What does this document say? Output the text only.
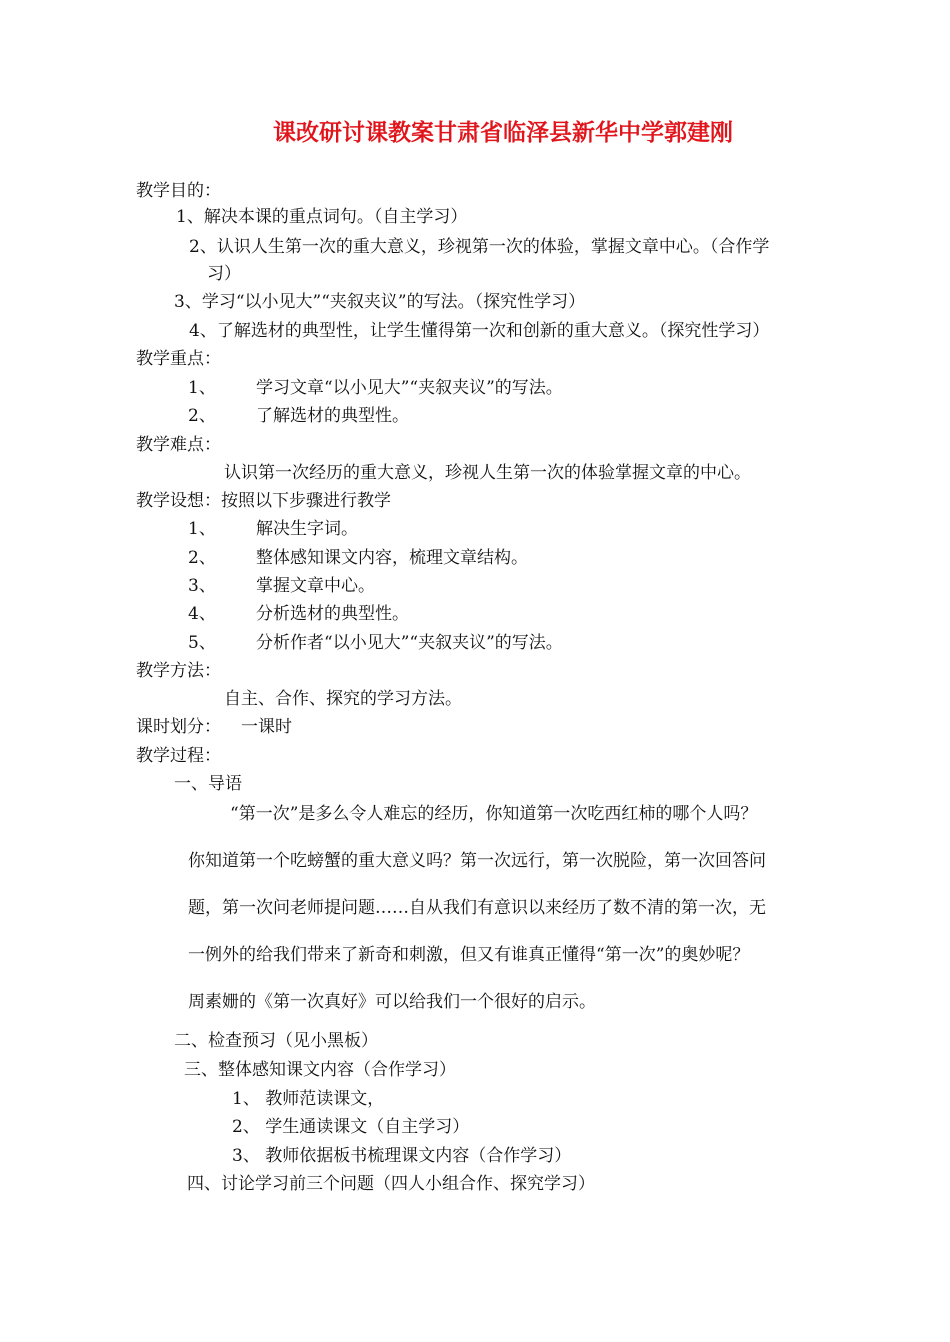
课改研讨课教案甘肃省临泽县新华中学郭建刚
教学目的：
1、解决本课的重点词句。（自主学习）
2、认识人生第一次的重大意义，珍视第一次的体验，掌握文章中心。（合作学
习）
3、学习“以小见大”“夹叙夹议”的写法。（探究性学习）
4、了解选材的典型性，让学生懂得第一次和创新的重大意义。（探究性学习）
教学重点：
1、 学习文章“以小见大”“夹叙夹议”的写法。
2、 了解选材的典型性。
教学难点：
认识第一次经历的重大意义，珍视人生第一次的体验掌握文章的中心。
教学设想：按照以下步骤进行教学
1、 解决生字词。
2、 整体感知课文内容，梳理文章结构。
3、 掌握文章中心。
4、 分析选材的典型性。
5、 分析作者“以小见大”“夹叙夹议”的写法。
教学方法：
自主、合作、探究的学习方法。
课时划分： 一课时
教学过程：
一、导语
“第一次”是多么令人难忘的经历，你知道第一次吃西红柿的哪个人吗？
你知道第一个吃螃蟹的重大意义吗？第一次远行，第一次脱险，第一次回答问
题，第一次问老师提问题……自从我们有意识以来经历了数不清的第一次，无
一例外的给我们带来了新奇和刺激，但又有谁真正懂得“第一次”的奥妙呢？
周素姗的《第一次真好》可以给我们一个很好的启示。
二、检查预习（见小黑板）
三、整体感知课文内容（合作学习）
1、 教师范读课文，
2、 学生通读课文（自主学习）
3、 教师依据板书梳理课文内容（合作学习）
四、讨论学习前三个问题（四人小组合作、探究学习）
